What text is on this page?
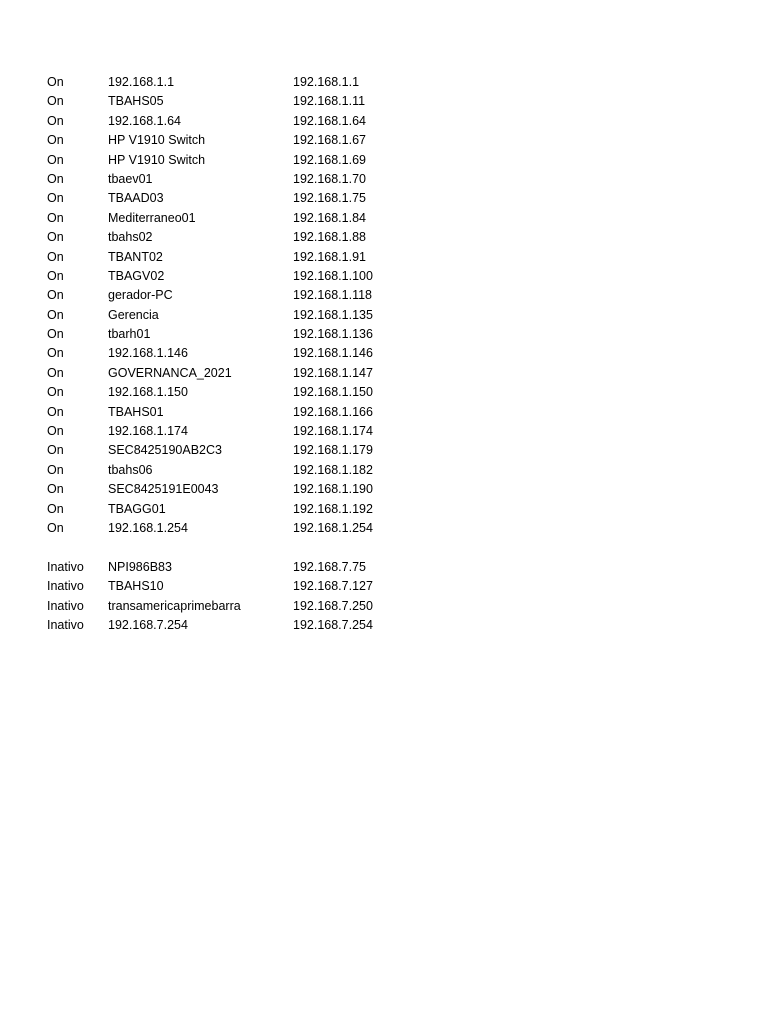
On	192.168.1.1	192.168.1.1
On	TBAHS05	192.168.1.11
On	192.168.1.64	192.168.1.64
On	HP V1910 Switch	192.168.1.67
On	HP V1910 Switch	192.168.1.69
On	tbaev01	192.168.1.70
On	TBAAD03	192.168.1.75
On	Mediterraneo01	192.168.1.84
On	tbahs02	192.168.1.88
On	TBANT02	192.168.1.91
On	TBAGV02	192.168.1.100
On	gerador-PC	192.168.1.118
On	Gerencia	192.168.1.135
On	tbarh01	192.168.1.136
On	192.168.1.146	192.168.1.146
On	GOVERNANCA_2021	192.168.1.147
On	192.168.1.150	192.168.1.150
On	TBAHS01	192.168.1.166
On	192.168.1.174	192.168.1.174
On	SEC8425190AB2C3	192.168.1.179
On	tbahs06	192.168.1.182
On	SEC8425191E0043	192.168.1.190
On	TBAGG01	192.168.1.192
On	192.168.1.254	192.168.1.254
Inativo	NPI986B83	192.168.7.75
Inativo	TBAHS10	192.168.7.127
Inativo	transamericaprimebarra	192.168.7.250
Inativo	192.168.7.254	192.168.7.254
